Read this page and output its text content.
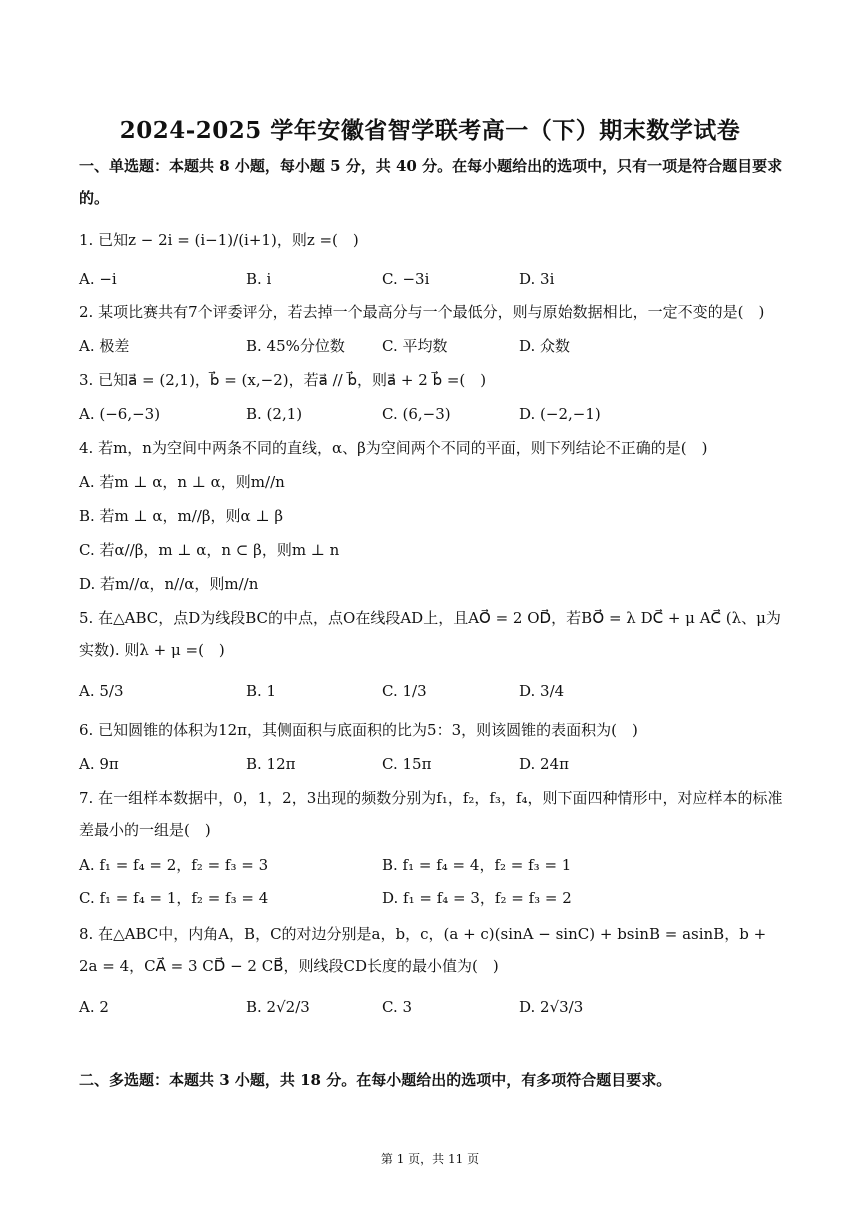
2024-2025 学年安徽省智学联考高一（下）期末数学试卷
一、单选题：本题共 8 小题，每小题 5 分，共 40 分。在每小题给出的选项中，只有一项是符合题目要求的。
1. 已知z − 2i = (i−1)/(i+1)，则z =(　)
A. −i	B. i	C. −3i	D. 3i
2. 某项比赛共有7个评委评分，若去掉一个最高分与一个最低分，则与原始数据相比，一定不变的是(　)
A. 极差	B. 45%分位数 C. 平均数	D. 众数
3. 已知a⃗ = (2,1)，b⃗ = (x,−2)，若a⃗ // b⃗，则a⃗ + 2 b⃗ =(　)
A. (−6,−3)	B. (2,1)	C. (6,−3)	D. (−2,−1)
4. 若m，n为空间中两条不同的直线，α、β为空间两个不同的平面，则下列结论不正确的是(　)
A. 若m ⊥ α，n ⊥ α，则m//n
B. 若m ⊥ α，m//β，则α ⊥ β
C. 若α//β，m ⊥ α，n ⊂ β，则m ⊥ n
D. 若m//α，n//α，则m//n
5. 在△ABC，点D为线段BC的中点，点O在线段AD上，且AO⃗ = 2 OD⃗，若BO⃗ = λ DC⃗ + μ AC⃗ (λ、μ为实数). 则λ + μ =(　)
A. 5/3	B. 1	C. 1/3	D. 3/4
6. 已知圆锥的体积为12π，其侧面积与底面积的比为5：3，则该圆锥的表面积为(　)
A. 9π	B. 12π	C. 15π	D. 24π
7. 在一组样本数据中，0，1，2，3出现的频数分别为f₁，f₂，f₃，f₄，则下面四种情形中，对应样本的标准差最小的一组是(　)
A. f₁ = f₄ = 2，f₂ = f₃ = 3	B. f₁ = f₄ = 4，f₂ = f₃ = 1
C. f₁ = f₄ = 1，f₂ = f₃ = 4	D. f₁ = f₄ = 3，f₂ = f₃ = 2
8. 在△ABC中，内角A，B，C的对边分别是a，b，c，(a + c)(sinA − sinC) + bsinB = asinB，b + 2a = 4，CA⃗ = 3 CD⃗ − 2 CB⃗，则线段CD长度的最小值为(　)
A. 2	B. 2√2/3	C. 3	D. 2√3/3
二、多选题：本题共 3 小题，共 18 分。在每小题给出的选项中，有多项符合题目要求。
第 1 页，共 11 页
